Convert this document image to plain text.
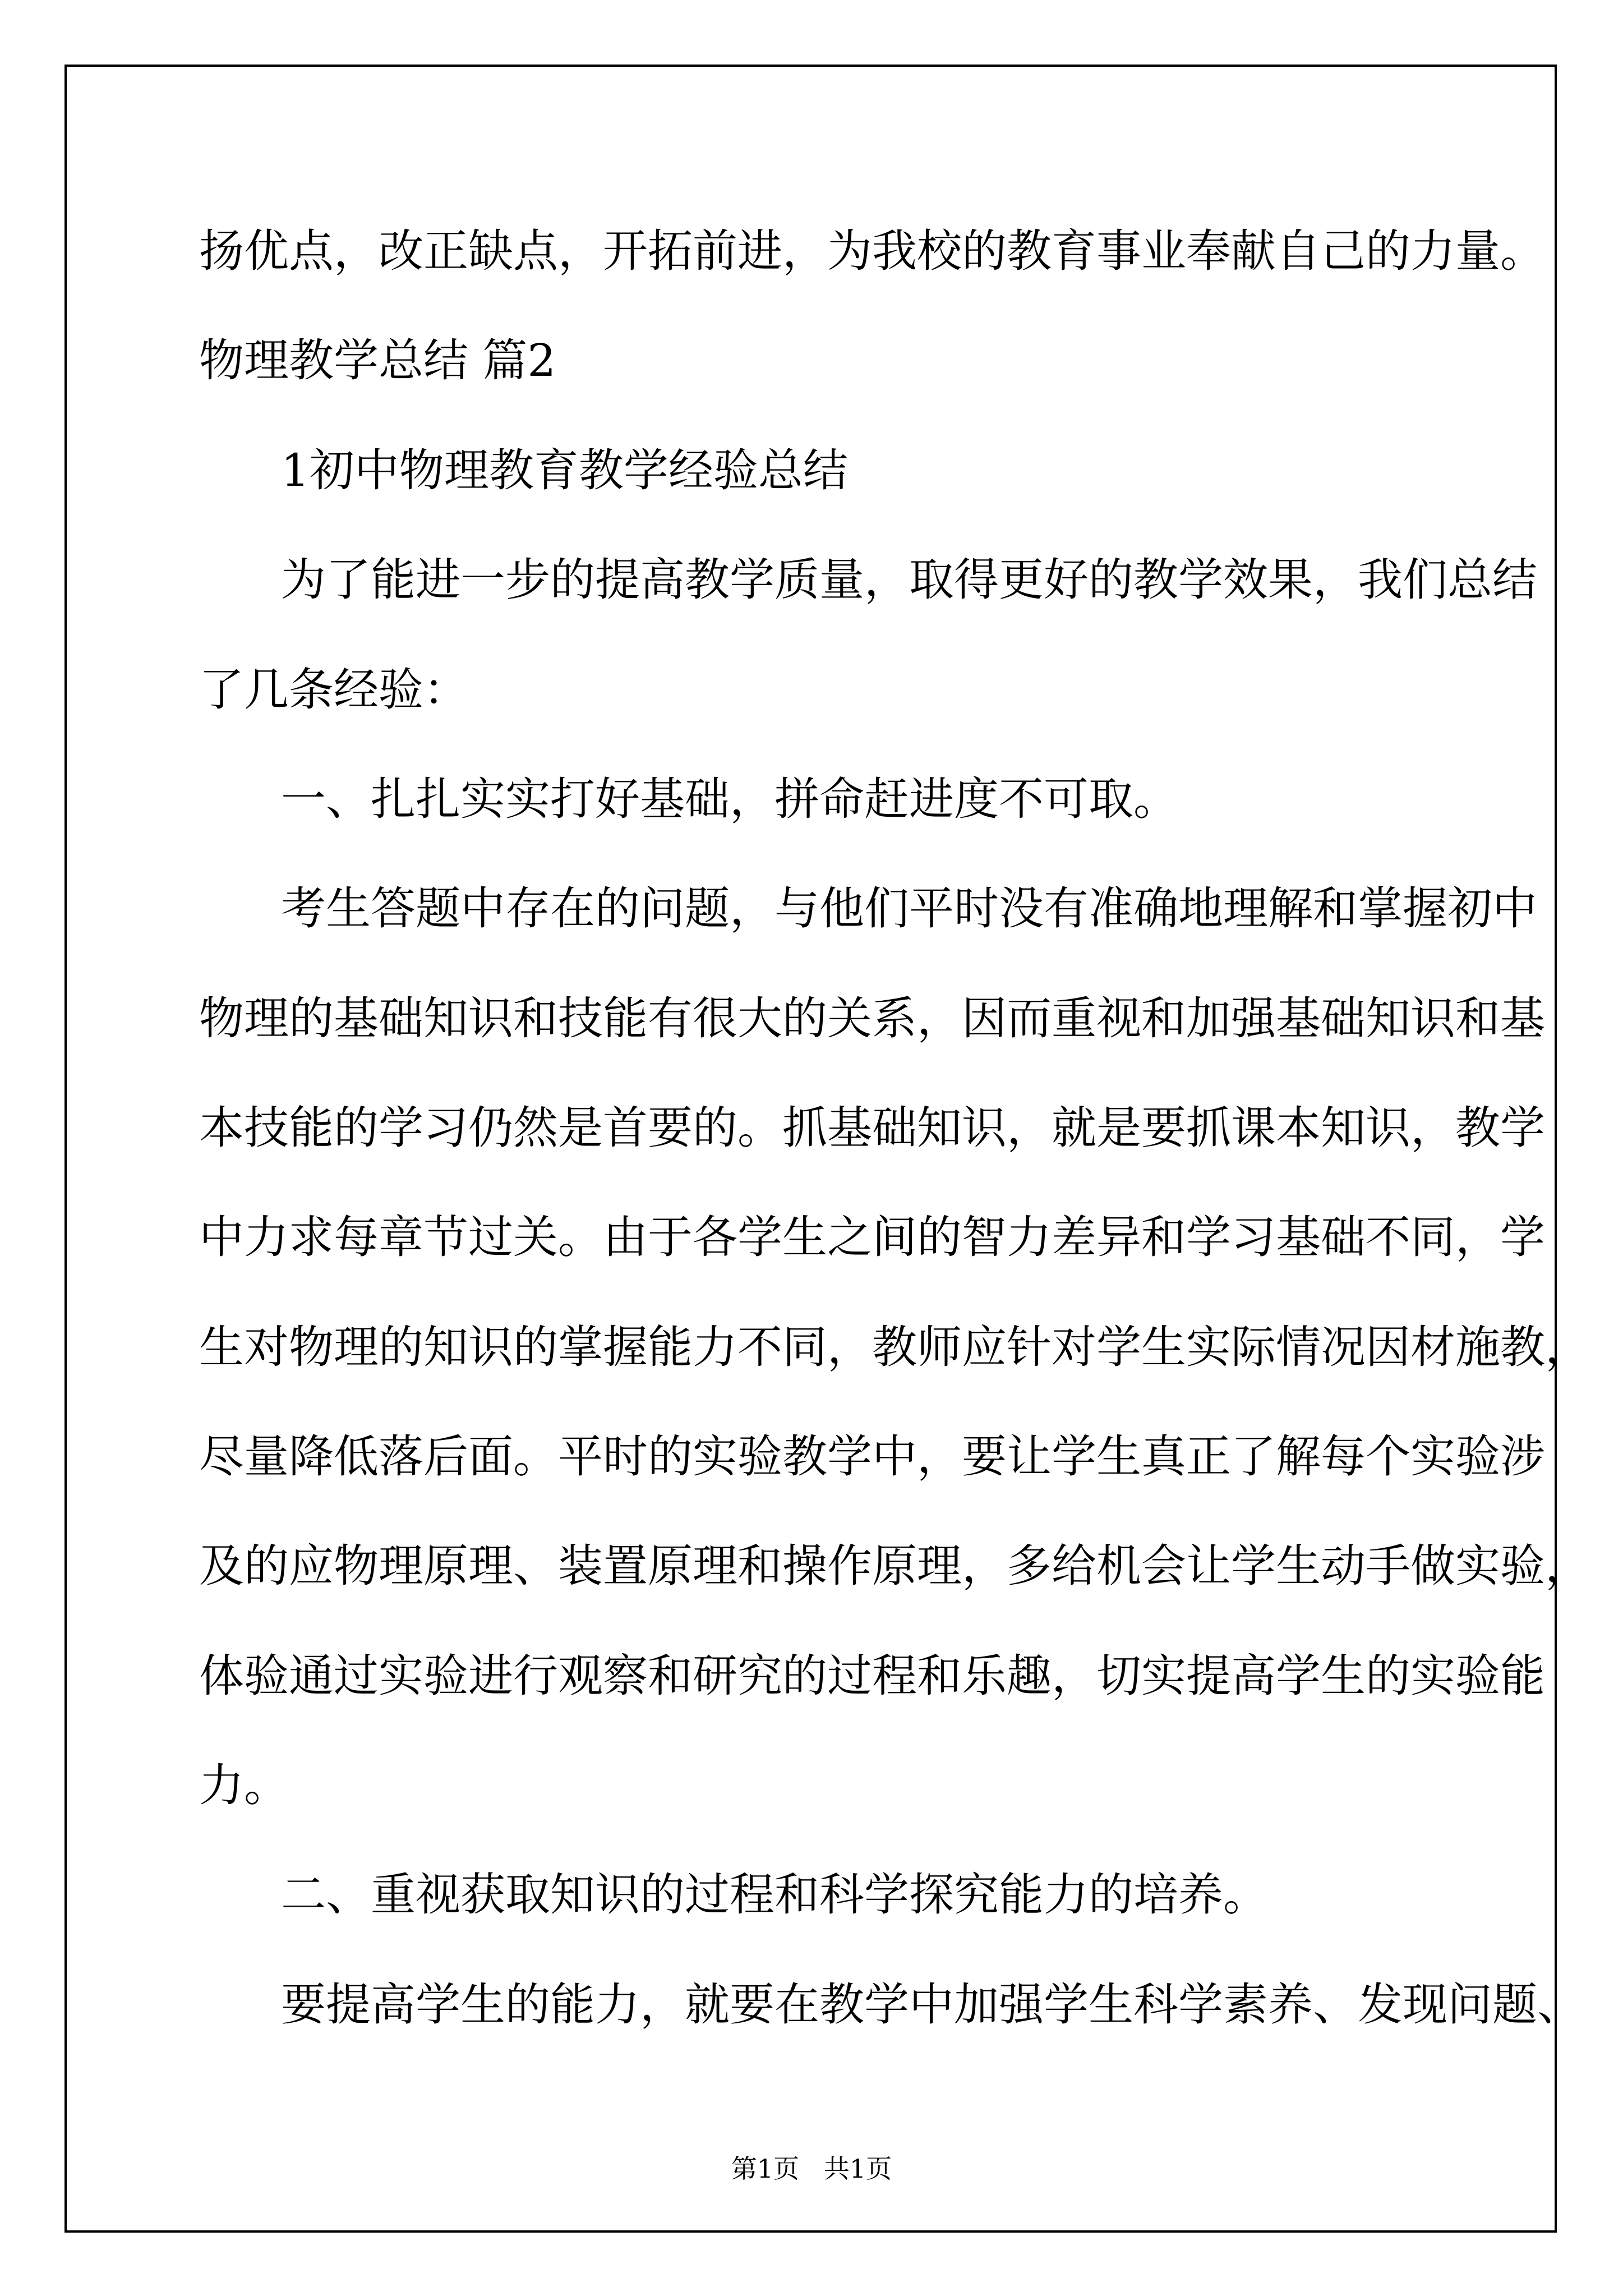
扬优点，改正缺点，开拓前进，为我校的教育事业奉献自己的力量。
物理教学总结 篇2
1初中物理教育教学经验总结
为了能进一步的提高教学质量，取得更好的教学效果，我们总结
了几条经验：
一、扎扎实实打好基础，拼命赶进度不可取。
考生答题中存在的问题，与他们平时没有准确地理解和掌握初中
物理的基础知识和技能有很大的关系，因而重视和加强基础知识和基
本技能的学习仍然是首要的。抓基础知识，就是要抓课本知识，教学
中力求每章节过关。由于各学生之间的智力差异和学习基础不同，学
生对物理的知识的掌握能力不同，教师应针对学生实际情况因材施教，
尽量降低落后面。平时的实验教学中，要让学生真正了解每个实验涉
及的应物理原理、装置原理和操作原理，多给机会让学生动手做实验，
体验通过实验进行观察和研究的过程和乐趣，切实提高学生的实验能
力。
二、重视获取知识的过程和科学探究能力的培养。
要提高学生的能力，就要在教学中加强学生科学素养、发现问题、
第1页   共1页
